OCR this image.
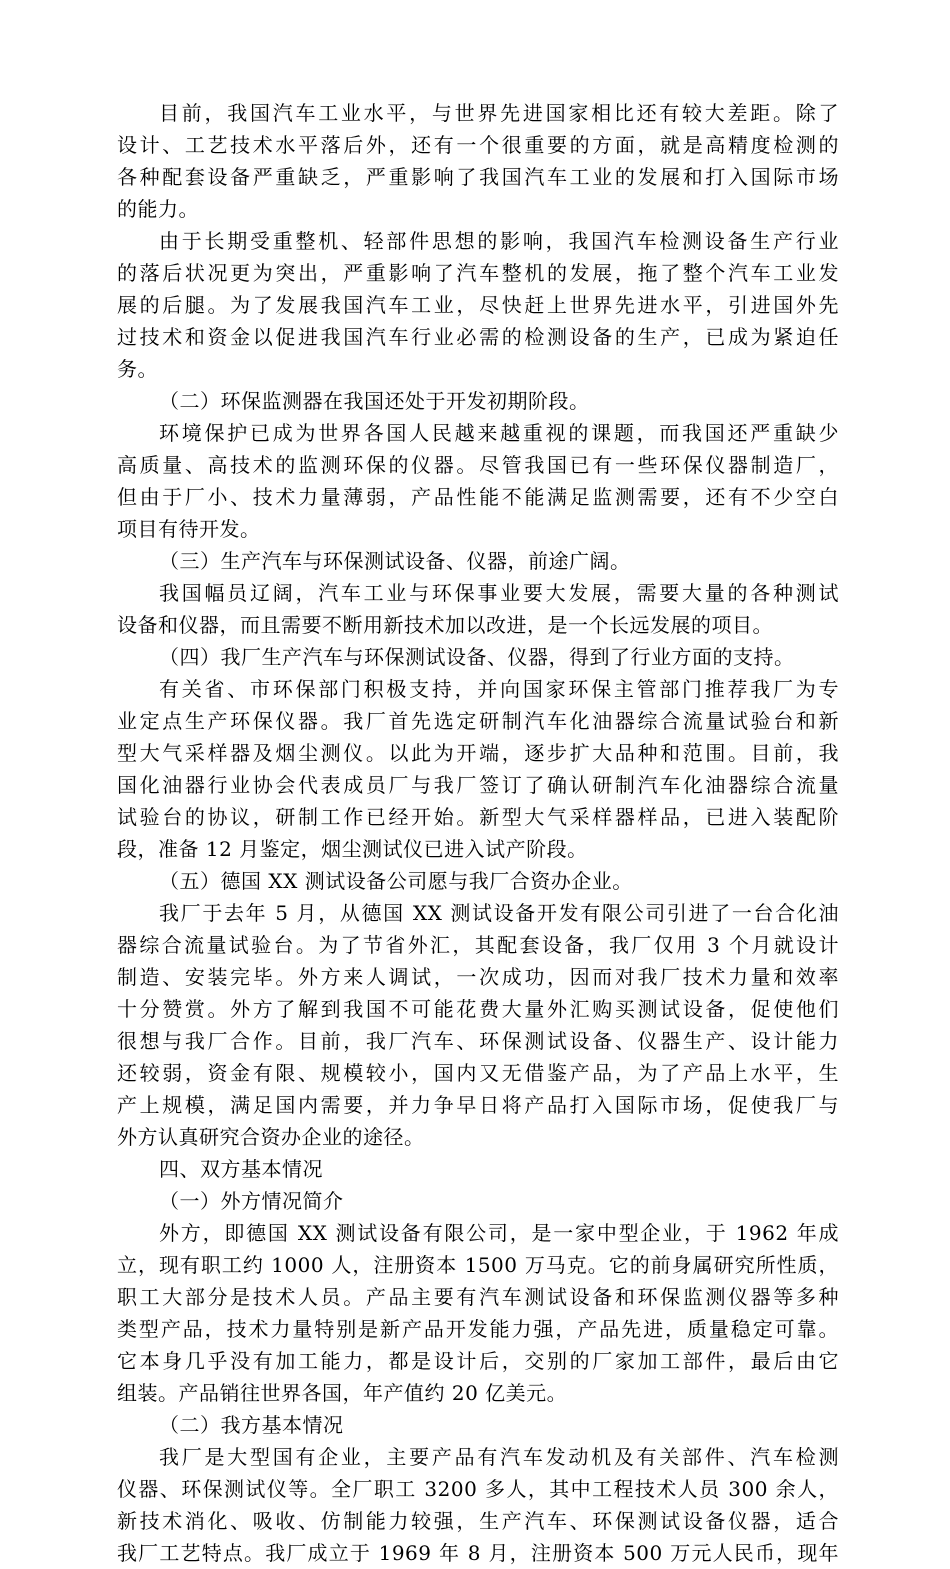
目前，我国汽车工业水平，与世界先进国家相比还有较大差距。除了
设计、工艺技术水平落后外，还有一个很重要的方面，就是高精度检测的
各种配套设备严重缺乏，严重影响了我国汽车工业的发展和打入国际市场
的能力。
由于长期受重整机、轻部件思想的影响，我国汽车检测设备生产行业
的落后状况更为突出，严重影响了汽车整机的发展，拖了整个汽车工业发
展的后腿。为了发展我国汽车工业，尽快赶上世界先进水平，引进国外先
过技术和资金以促进我国汽车行业必需的检测设备的生产，已成为紧迫任
务。
（二）环保监测器在我国还处于开发初期阶段。
环境保护已成为世界各国人民越来越重视的课题，而我国还严重缺少
高质量、高技术的监测环保的仪器。尽管我国已有一些环保仪器制造厂，
但由于厂小、技术力量薄弱，产品性能不能满足监测需要，还有不少空白
项目有待开发。
（三）生产汽车与环保测试设备、仪器，前途广阔。
我国幅员辽阔，汽车工业与环保事业要大发展，需要大量的各种测试
设备和仪器，而且需要不断用新技术加以改进，是一个长远发展的项目。
（四）我厂生产汽车与环保测试设备、仪器，得到了行业方面的支持。
有关省、市环保部门积极支持，并向国家环保主管部门推荐我厂为专
业定点生产环保仪器。我厂首先选定研制汽车化油器综合流量试验台和新
型大气采样器及烟尘测仪。以此为开端，逐步扩大品种和范围。目前，我
国化油器行业协会代表成员厂与我厂签订了确认研制汽车化油器综合流量
试验台的协议，研制工作已经开始。新型大气采样器样品，已进入装配阶
段，准备 12 月鉴定，烟尘测试仪已进入试产阶段。
（五）德国 XX 测试设备公司愿与我厂合资办企业。
我厂于去年 5 月，从德国 XX 测试设备开发有限公司引进了一台合化油
器综合流量试验台。为了节省外汇，其配套设备，我厂仅用 3 个月就设计
制造、安装完毕。外方来人调试，一次成功，因而对我厂技术力量和效率
十分赞赏。外方了解到我国不可能花费大量外汇购买测试设备，促使他们
很想与我厂合作。目前，我厂汽车、环保测试设备、仪器生产、设计能力
还较弱，资金有限、规模较小，国内又无借鉴产品，为了产品上水平，生
产上规模，满足国内需要，并力争早日将产品打入国际市场，促使我厂与
外方认真研究合资办企业的途径。
四、双方基本情况
（一）外方情况简介
外方，即德国 XX 测试设备有限公司，是一家中型企业，于 1962 年成
立，现有职工约 1000 人，注册资本 1500 万马克。它的前身属研究所性质，
职工大部分是技术人员。产品主要有汽车测试设备和环保监测仪器等多种
类型产品，技术力量特别是新产品开发能力强，产品先进，质量稳定可靠。
它本身几乎没有加工能力，都是设计后，交别的厂家加工部件，最后由它
组装。产品销往世界各国，年产值约 20 亿美元。
（二）我方基本情况
我厂是大型国有企业，主要产品有汽车发动机及有关部件、汽车检测
仪器、环保测试仪等。全厂职工 3200 多人，其中工程技术人员 300 余人，
新技术消化、吸收、仿制能力较强，生产汽车、环保测试设备仪器，适合
我厂工艺特点。我厂成立于 1969 年 8 月，注册资本 500 万元人民币，现年
